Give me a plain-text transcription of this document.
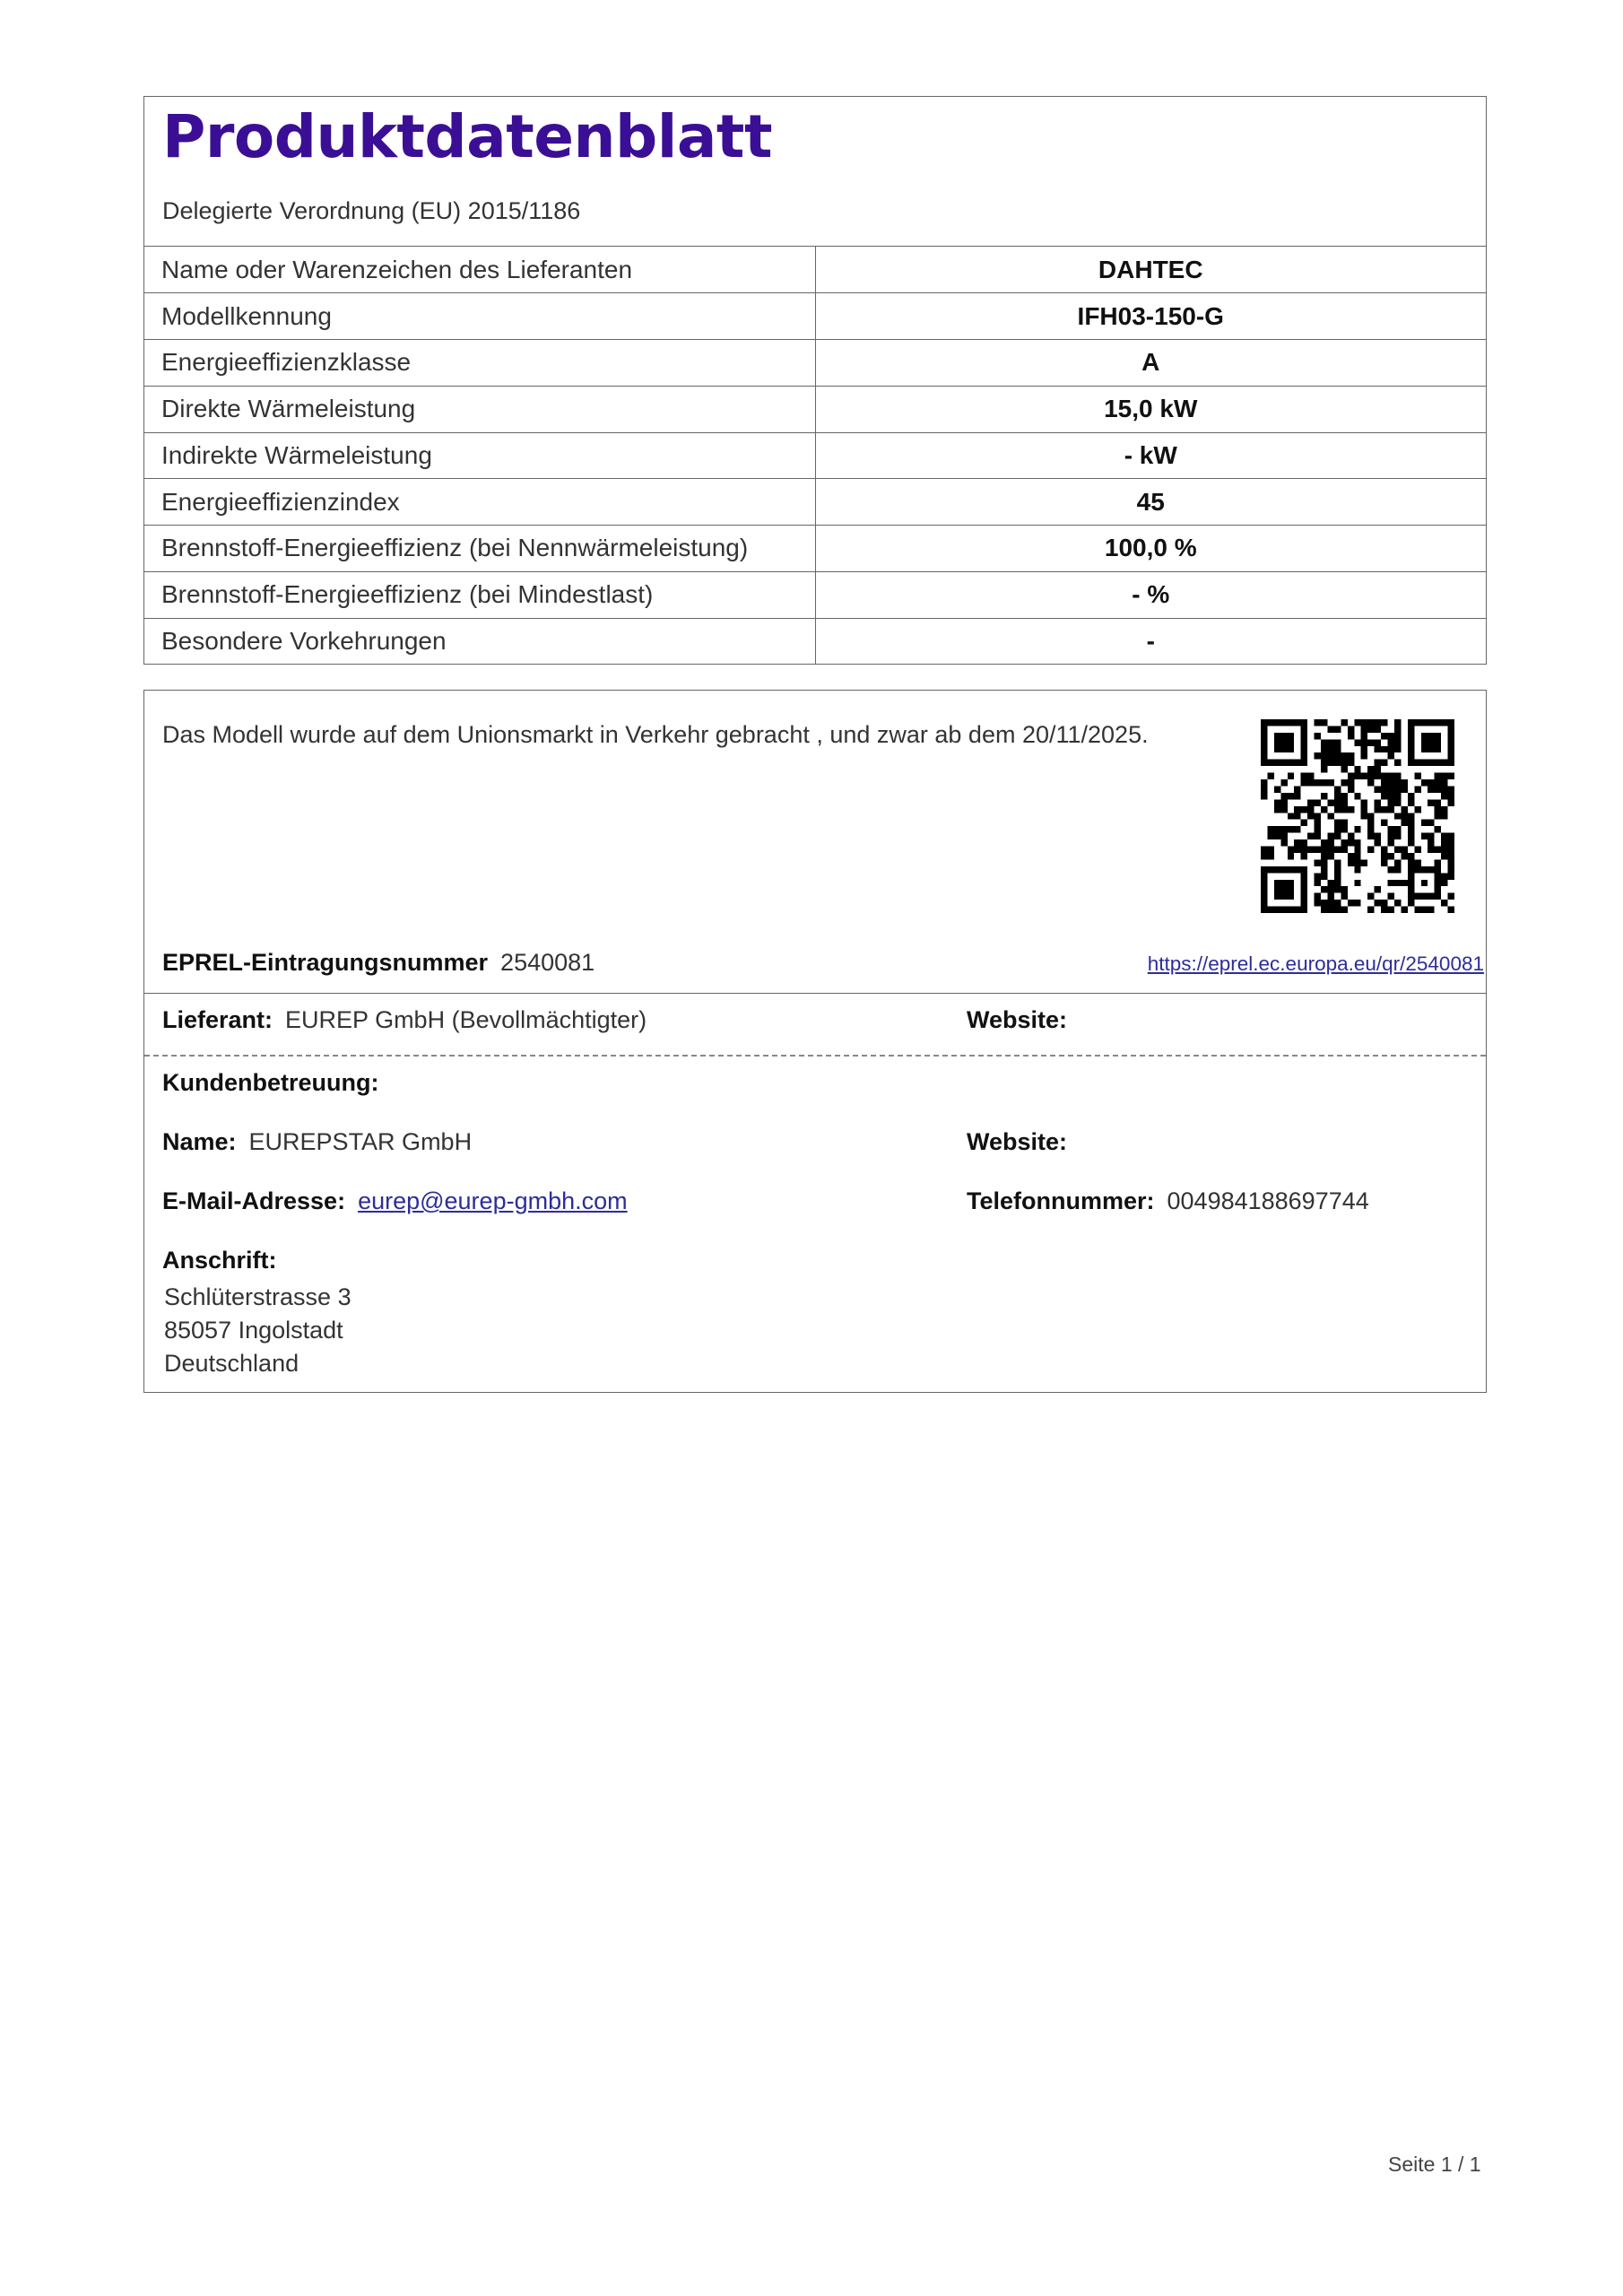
Produktdatenblatt
Delegierte Verordnung (EU) 2015/1186
Name oder Warenzeichen des Lieferanten	DAHTEC
Modellkennung	IFH03-150-G
Energieeffizienzklasse	A
Direkte Wärmeleistung	15,0 kW
Indirekte Wärmeleistung	- kW
Energieeffizienzindex	45
Brennstoff-Energieeffizienz (bei Nennwärmeleistung)	100,0 %
Brennstoff-Energieeffizienz (bei Mindestlast)	- %
Besondere Vorkehrungen	-
Das Modell wurde auf dem Unionsmarkt in Verkehr gebracht , und zwar ab dem 20/11/2025.
EPREL-Eintragungsnummer 2540081	https://eprel.ec.europa.eu/qr/2540081
Lieferant: EUREP GmbH (Bevollmächtigter)	Website:
Kundenbetreuung:
Name: EUREPSTAR GmbH	Website:
E-Mail-Adresse: eurep@eurep-gmbh.com	Telefonnummer: 004984188697744
Anschrift:
Schlüterstrasse 3
85057 Ingolstadt
Deutschland
Seite 1 / 1
